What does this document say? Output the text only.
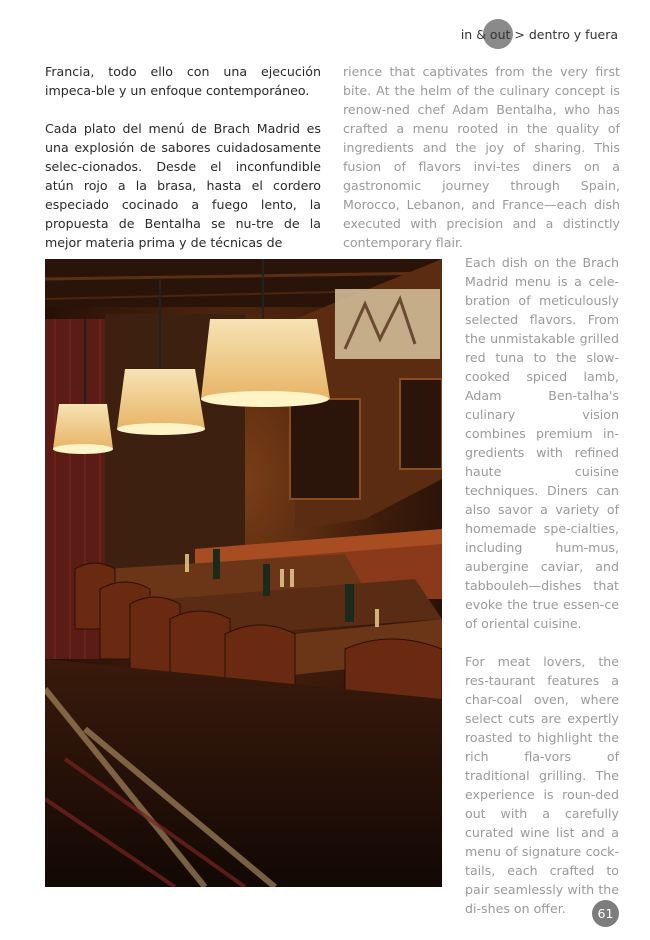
in & out > dentro y fuera

Francia, todo ello con una ejecución impeca-ble y un enfoque contemporáneo.

Cada plato del menú de Brach Madrid es una explosión de sabores cuidadosamente selec-cionados. Desde el inconfundible atún rojo a la brasa, hasta el cordero especiado cocinado a fuego lento, la propuesta de Bentalha se nu-tre de la mejor materia prima y de técnicas de

rience that captivates from the very first bite. At the helm of the culinary concept is renow-ned chef Adam Bentalha, who has crafted a menu rooted in the quality of ingredients and the joy of sharing. This fusion of flavors invi-tes diners on a gastronomic journey through Spain, Morocco, Lebanon, and France—each dish executed with precision and a distinctly contemporary flair.

Each dish on the Brach Madrid menu is a cele-bration of meticulously selected flavors. From the unmistakable grilled red tuna to the slow-cooked spiced lamb, Adam Ben-talha's culinary vision combines premium in-gredients with refined haute cuisine techniques. Diners can also savor a variety of homemade spe-cialties, including hum-mus, aubergine caviar, and tabbouleh—dishes that evoke the true essen-ce of oriental cuisine.

For meat lovers, the res-taurant features a char-coal oven, where select cuts are expertly roasted to highlight the rich fla-vors of traditional grilling. The experience is roun-ded out with a carefully curated wine list and a menu of signature cock-tails, each crafted to pair seamlessly with the di-shes on offer.	61
